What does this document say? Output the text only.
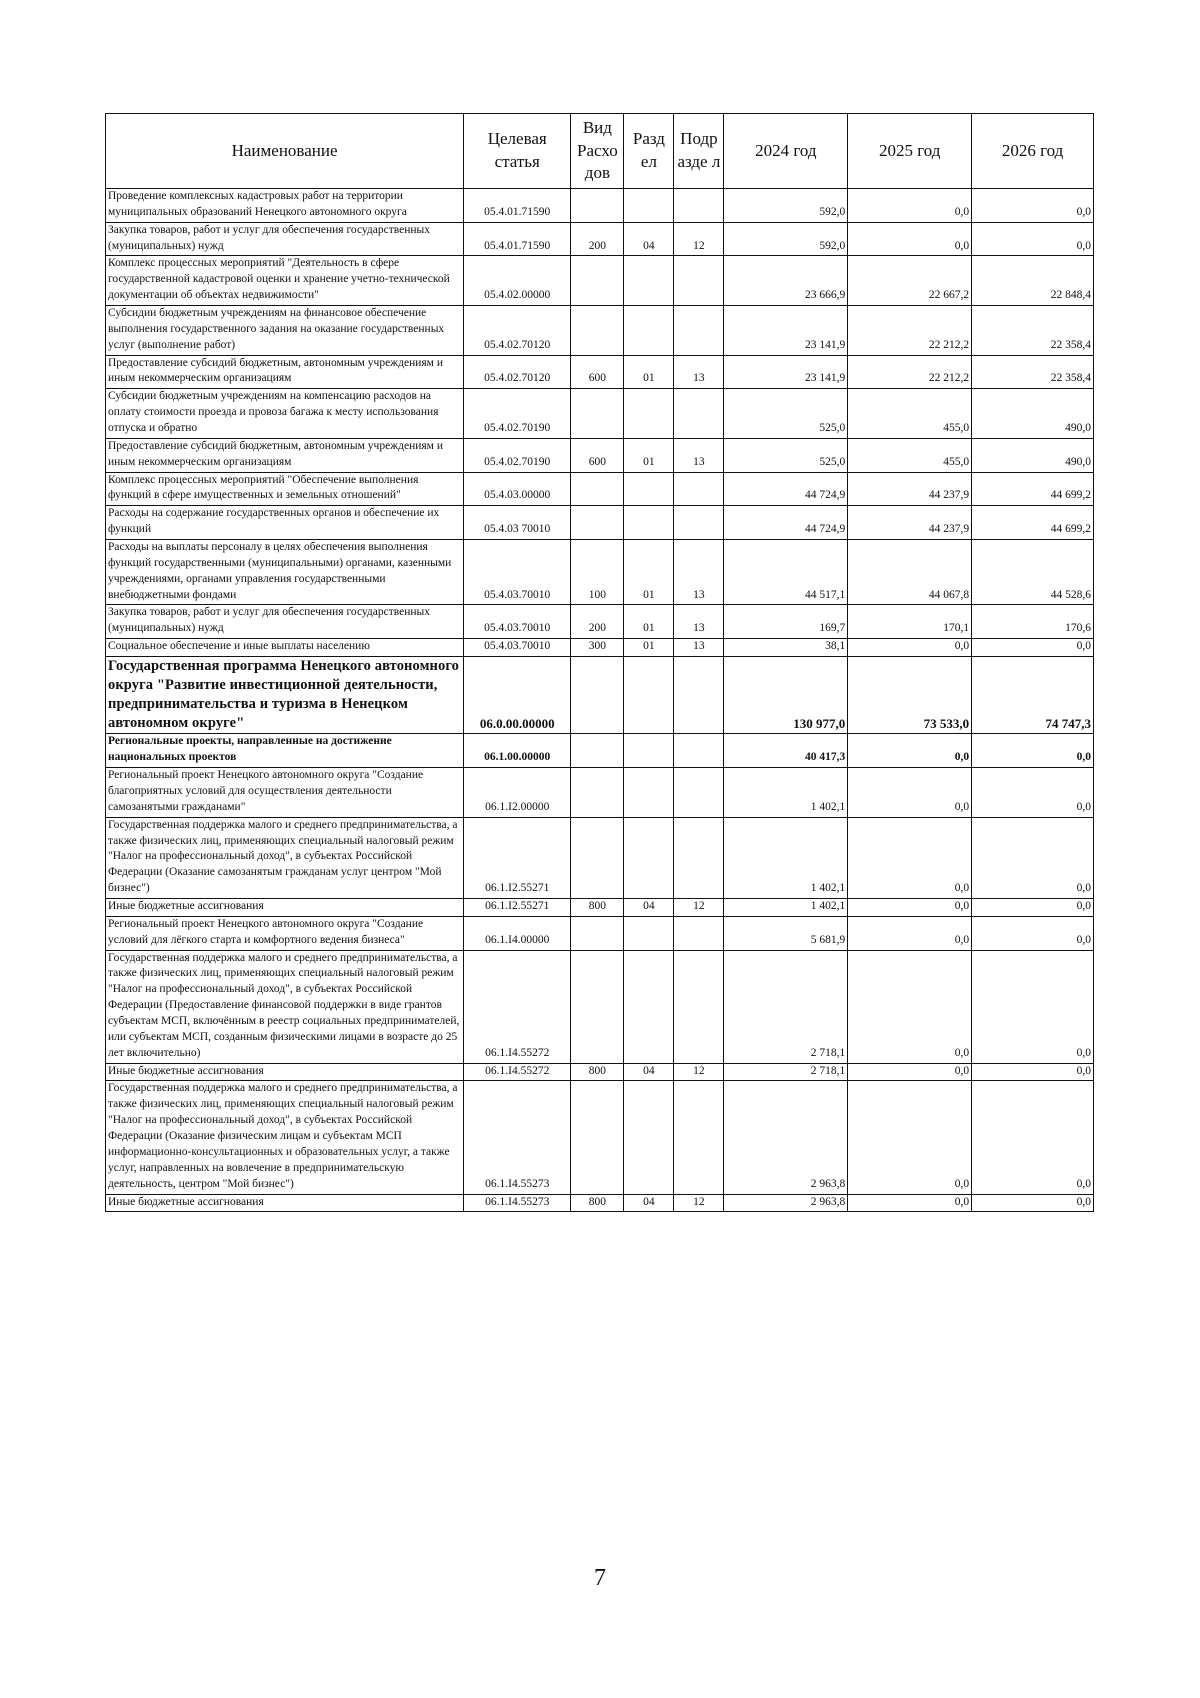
Наименование	Целевая статья	Вид Расхо дов	Разд ел	Подр азде л	2024 год	2025 год	2026 год
Проведение комплексных кадастровых работ на территории муниципальных образований Ненецкого автономного округа	05.4.01.71590				592,0	0,0	0,0
Закупка товаров, работ и услуг для обеспечения государственных (муниципальных) нужд	05.4.01.71590	200	04	12	592,0	0,0	0,0
Комплекс процессных мероприятий "Деятельность в сфере государственной кадастровой оценки и хранение учетно-технической документации об объектах недвижимости"	05.4.02.00000				23 666,9	22 667,2	22 848,4
Субсидии бюджетным учреждениям на финансовое обеспечение выполнения государственного задания на оказание государственных услуг (выполнение работ)	05.4.02.70120				23 141,9	22 212,2	22 358,4
Предоставление субсидий бюджетным, автономным учреждениям и иным некоммерческим организациям	05.4.02.70120	600	01	13	23 141,9	22 212,2	22 358,4
Субсидии бюджетным учреждениям на компенсацию расходов на оплату стоимости проезда и провоза багажа к месту использования отпуска и обратно	05.4.02.70190				525,0	455,0	490,0
Предоставление субсидий бюджетным, автономным учреждениям и иным некоммерческим организациям	05.4.02.70190	600	01	13	525,0	455,0	490,0
Комплекс процессных мероприятий "Обеспечение выполнения функций в сфере имущественных и земельных отношений"	05.4.03.00000				44 724,9	44 237,9	44 699,2
Расходы на содержание государственных органов и обеспечение их функций	05.4.03 70010				44 724,9	44 237,9	44 699,2
Расходы на выплаты персоналу в целях обеспечения выполнения функций государственными (муниципальными) органами, казенными учреждениями, органами управления государственными внебюджетными фондами	05.4.03.70010	100	01	13	44 517,1	44 067,8	44 528,6
Закупка товаров, работ и услуг для обеспечения государственных (муниципальных) нужд	05.4.03.70010	200	01	13	169,7	170,1	170,6
Социальное обеспечение и иные выплаты населению	05.4.03.70010	300	01	13	38,1	0,0	0,0
Государственная программа Ненецкого автономного округа "Развитие инвестиционной деятельности, предпринимательства и туризма в Ненецком автономном округе"	06.0.00.00000				130 977,0	73 533,0	74 747,3
Региональные проекты, направленные на достижение национальных проектов	06.1.00.00000				40 417,3	0,0	0,0
Региональный проект Ненецкого автономного округа "Создание благоприятных условий для осуществления деятельности самозанятыми гражданами"	06.1.I2.00000				1 402,1	0,0	0,0
Государственная поддержка малого и среднего предпринимательства, а также физических лиц, применяющих специальный налоговый режим "Налог на профессиональный доход", в субъектах Российской Федерации (Оказание самозанятым гражданам услуг центром "Мой бизнес")	06.1.I2.55271				1 402,1	0,0	0,0
Иные бюджетные ассигнования	06.1.I2.55271	800	04	12	1 402,1	0,0	0,0
Региональный проект Ненецкого автономного округа "Создание условий для лёгкого старта и комфортного ведения бизнеса"	06.1.I4.00000				5 681,9	0,0	0,0
Государственная поддержка малого и среднего предпринимательства, а также физических лиц, применяющих специальный налоговый режим "Налог на профессиональный доход", в субъектах Российской Федерации (Предоставление финансовой поддержки в виде грантов субъектам МСП, включённым в реестр социальных предпринимателей, или субъектам МСП, созданным физическими лицами в возрасте до 25 лет включительно)	06.1.I4.55272				2 718,1	0,0	0,0
Иные бюджетные ассигнования	06.1.I4.55272	800	04	12	2 718,1	0,0	0,0
Государственная поддержка малого и среднего предпринимательства, а также физических лиц, применяющих специальный налоговый режим "Налог на профессиональный доход", в субъектах Российской Федерации (Оказание физическим лицам и субъектам МСП информационно-консультационных и образовательных услуг, а также услуг, направленных на вовлечение в предпринимательскую деятельность, центром "Мой бизнес")	06.1.I4.55273				2 963,8	0,0	0,0
Иные бюджетные ассигнования	06.1.I4.55273	800	04	12	2 963,8	0,0	0,0
7
